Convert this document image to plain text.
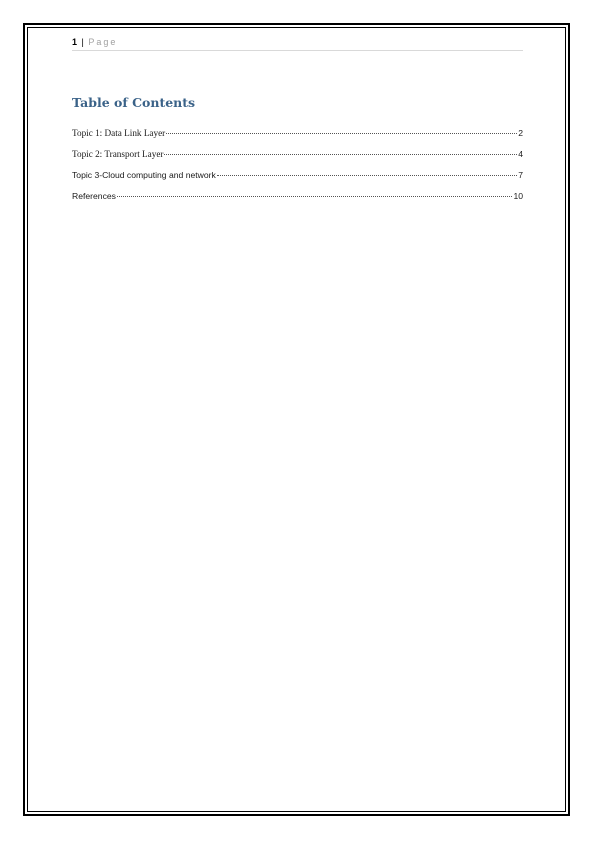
1 | Page
Table of Contents
Topic 1: Data Link Layer	2
Topic 2: Transport Layer	4
Topic 3-Cloud computing and network	7
References	10
